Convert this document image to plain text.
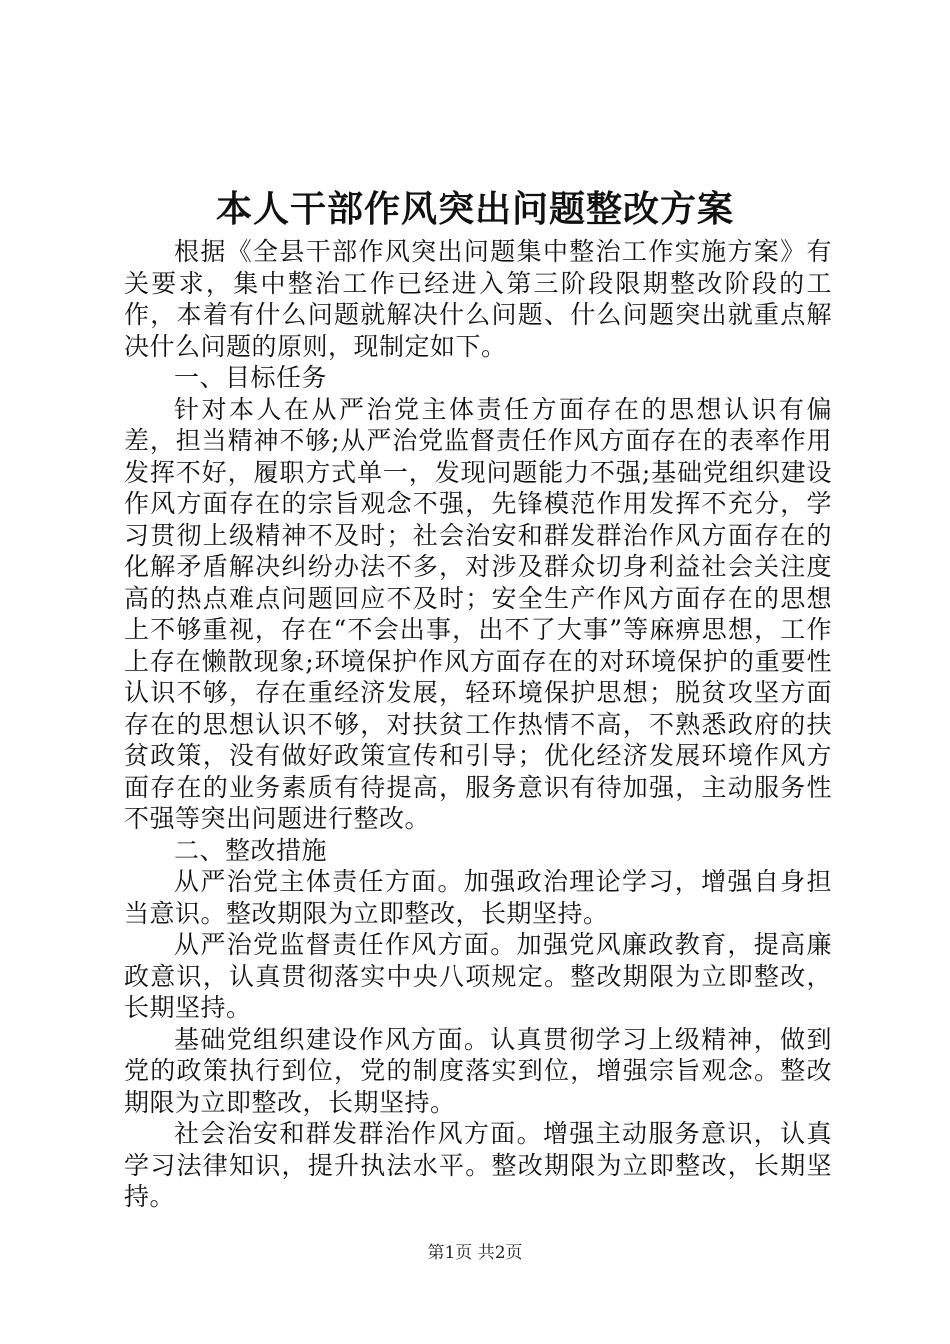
本人干部作风突出问题整改方案

根据《全县干部作风突出问题集中整治工作实施方案》有关要求，集中整治工作已经进入第三阶段限期整改阶段的工作，本着有什么问题就解决什么问题、什么问题突出就重点解决什么问题的原则，现制定如下。

一、目标任务

针对本人在从严治党主体责任方面存在的思想认识有偏差，担当精神不够;从严治党监督责任作风方面存在的表率作用发挥不好，履职方式单一，发现问题能力不强;基础党组织建设作风方面存在的宗旨观念不强，先锋模范作用发挥不充分，学习贯彻上级精神不及时；社会治安和群发群治作风方面存在的化解矛盾解决纠纷办法不多，对涉及群众切身利益社会关注度高的热点难点问题回应不及时；安全生产作风方面存在的思想上不够重视，存在“不会出事，出不了大事”等麻痹思想，工作上存在懒散现象;环境保护作风方面存在的对环境保护的重要性认识不够，存在重经济发展，轻环境保护思想；脱贫攻坚方面存在的思想认识不够，对扶贫工作热情不高，不熟悉政府的扶贫政策，没有做好政策宣传和引导；优化经济发展环境作风方面存在的业务素质有待提高，服务意识有待加强，主动服务性不强等突出问题进行整改。

二、整改措施

从严治党主体责任方面。加强政治理论学习，增强自身担当意识。整改期限为立即整改，长期坚持。

从严治党监督责任作风方面。加强党风廉政教育，提高廉政意识，认真贯彻落实中央八项规定。整改期限为立即整改，长期坚持。

基础党组织建设作风方面。认真贯彻学习上级精神，做到党的政策执行到位，党的制度落实到位，增强宗旨观念。整改期限为立即整改，长期坚持。

社会治安和群发群治作风方面。增强主动服务意识，认真学习法律知识，提升执法水平。整改期限为立即整改，长期坚持。

第1页 共2页
